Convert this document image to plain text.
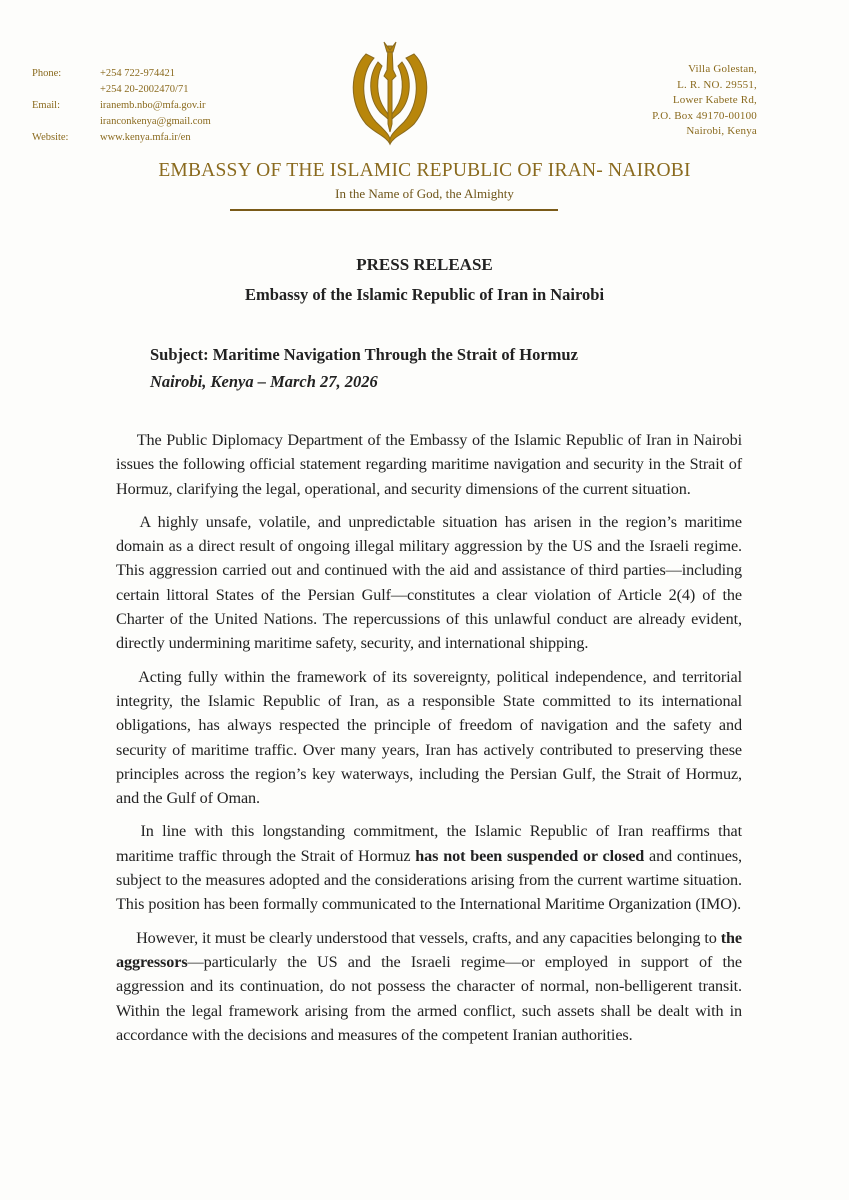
Phone:

Email:

Website:
+254 722-974421
+254 20-2002470/71
iranemb.nbo@mfa.gov.ir
iranconkenya@gmail.com
www.kenya.mfa.ir/en
Villa Golestan,
L. R. NO. 29551,
Lower Kabete Rd,
P.O. Box 49170-00100
Nairobi, Kenya
EMBASSY OF THE ISLAMIC REPUBLIC OF IRAN- NAIROBI
In the Name of God, the Almighty
PRESS RELEASE
Embassy of the Islamic Republic of Iran in Nairobi
Subject: Maritime Navigation Through the Strait of Hormuz
Nairobi, Kenya – March 27, 2026

  The Public Diplomacy Department of the Embassy of the Islamic Republic of Iran in Nairobi issues the following official statement regarding maritime navigation and security in the Strait of Hormuz, clarifying the legal, operational, and security dimensions of the current situation.

  A highly unsafe, volatile, and unpredictable situation has arisen in the region’s maritime domain as a direct result of ongoing illegal military aggression by the US and the Israeli regime. This aggression carried out and continued with the aid and assistance of third parties—including certain littoral States of the Persian Gulf—constitutes a clear violation of Article 2(4) of the Charter of the United Nations. The repercussions of this unlawful conduct are already evident, directly undermining maritime safety, security, and international shipping.

  Acting fully within the framework of its sovereignty, political independence, and territorial integrity, the Islamic Republic of Iran, as a responsible State committed to its international obligations, has always respected the principle of freedom of navigation and the safety and security of maritime traffic. Over many years, Iran has actively contributed to preserving these principles across the region’s key waterways, including the Persian Gulf, the Strait of Hormuz, and the Gulf of Oman.

  In line with this longstanding commitment, the Islamic Republic of Iran reaffirms that maritime traffic through the Strait of Hormuz has not been suspended or closed and continues, subject to the measures adopted and the considerations arising from the current wartime situation. This position has been formally communicated to the International Maritime Organization (IMO).

  However, it must be clearly understood that vessels, crafts, and any capacities belonging to the aggressors—particularly the US and the Israeli regime—or employed in support of the aggression and its continuation, do not possess the character of normal, non-belligerent transit. Within the legal framework arising from the armed conflict, such assets shall be dealt with in accordance with the decisions and measures of the competent Iranian authorities.
